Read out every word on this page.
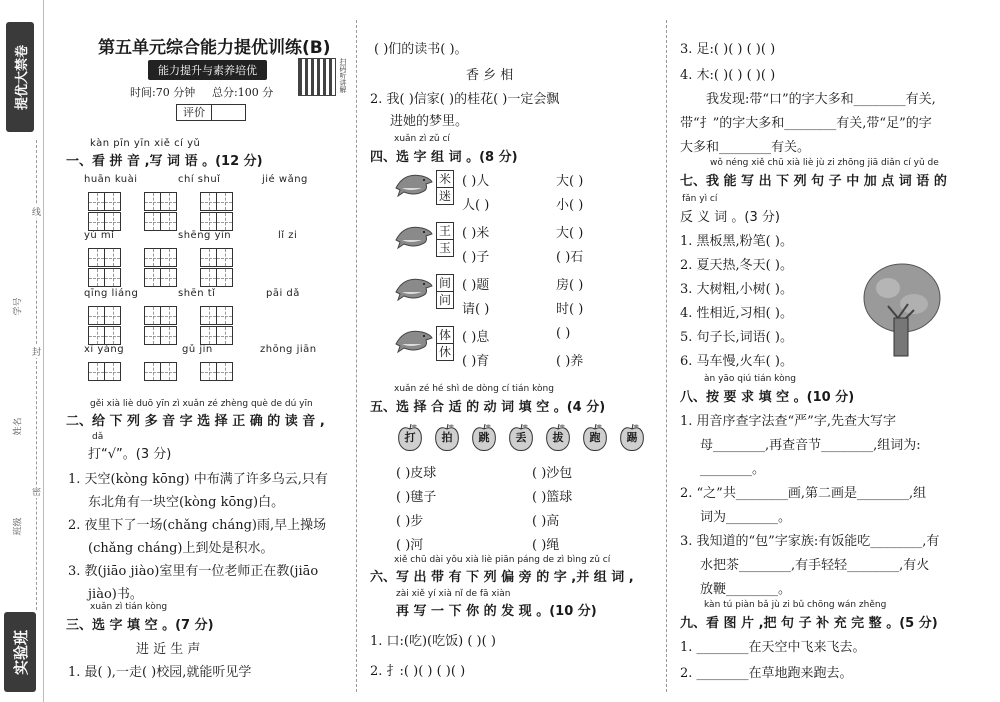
提优大禁卷
线
封
密
班级
姓名
学号
实验班
第五单元综合能力提优训练(B)
能力提升与素养培优
时间:70 分钟 总分:100 分
评价
扫码听讲解
kàn pīn yīn xiě cí yǔ
一、看 拼 音 ,写 词 语 。(12 分)
huān kuài	chí shuǐ	jié wǎng
yù mǐ	shēng yīn	lǐ zi
qīng liáng	shēn tǐ	pāi dǎ
xī yáng	gǔ jīn	zhōng jiān
gěi xià liè duō yīn zì xuǎn zé zhèng què de dú yīn
二、给 下 列 多 音 字 选 择 正 确 的 读 音 ,
dǎ
打“√”。(3 分)
1. 天空(kòng kōng) 中布满了许多乌云,只有
东北角有一块空(kòng kōng)白。
2. 夜里下了一场(chǎng cháng)雨,早上操场
(chǎng cháng)上到处是积水。
3. 教(jiāo jiào)室里有一位老师正在教(jiāo
jiào)书。
xuǎn zì tián kòng
三、选 字 填 空 。(7 分)
进 近 生 声
1. 最( ),一走( )校园,就能听见学
( )们的读书( )。
香 乡 相
2. 我( )信家( )的桂花( )一定会飘
进她的梦里。
xuǎn zì zǔ cí
四、选 字 组 词 。(8 分)
xuǎn zé hé shì de dòng cí tián kòng
五、选 择 合 适 的 动 词 填 空 。(4 分)
打 拍 跳 丢 拔 跑 踢
xiě chū dài yǒu xià liè piān páng de zì bìng zǔ cí
六、写 出 带 有 下 列 偏 旁 的 字 ,并 组 词 ,
zài xiě yí xià nǐ de fā xiàn
再 写 一 下 你 的 发 现 。(10 分)
1. 口:(吃)(吃饭) ( )( )
2. 扌:( )( ) ( )( )
米
迷
( )人	大( )
人( )	小( )
王
玉
( )米	大( )
( )子	( )石
间
问
( )题	房( )
请( )	时( )
体
休
( )息	( )
( )育	( )养
( )皮球	( )沙包
( )毽子	( )篮球
( )步	( )高
( )河	( )绳
3. 足:( )( ) ( )( )
4. 木:( )( ) ( )( )
我发现:带“口”的字大多和________有关,
带“扌”的字大多和________有关,带“足”的字
大多和________有关。
wǒ néng xiě chū xià liè jù zi zhōng jiā diǎn cí yǔ de
七、我 能 写 出 下 列 句 子 中 加 点 词 语 的
fǎn yì cí
反 义 词 。(3 分)
àn yāo qiú tián kòng
八、按 要 求 填 空 。(10 分)
kàn tú piàn bǎ jù zi bǔ chōng wán zhěng
九、看 图 片 ,把 句 子 补 充 完 整 。(5 分)
1. ________在天空中飞来飞去。
2. ________在草地跑来跑去。
1. 黑板黑,粉笔( )。
2. 夏天热,冬天( )。
3. 大树粗,小树( )。
4. 性相近,习相( )。
5. 句子长,词语( )。
6. 马车慢,火车( )。
1. 用音序查字法查“严”字,先查大写字
母________,再查音节________,组词为:
________。
2. “之”共________画,第二画是________,组
词为________。
3. 我知道的“包”字家族:有饭能吃________,有
水把茶________,有手轻轻________,有火
放鞭________。
